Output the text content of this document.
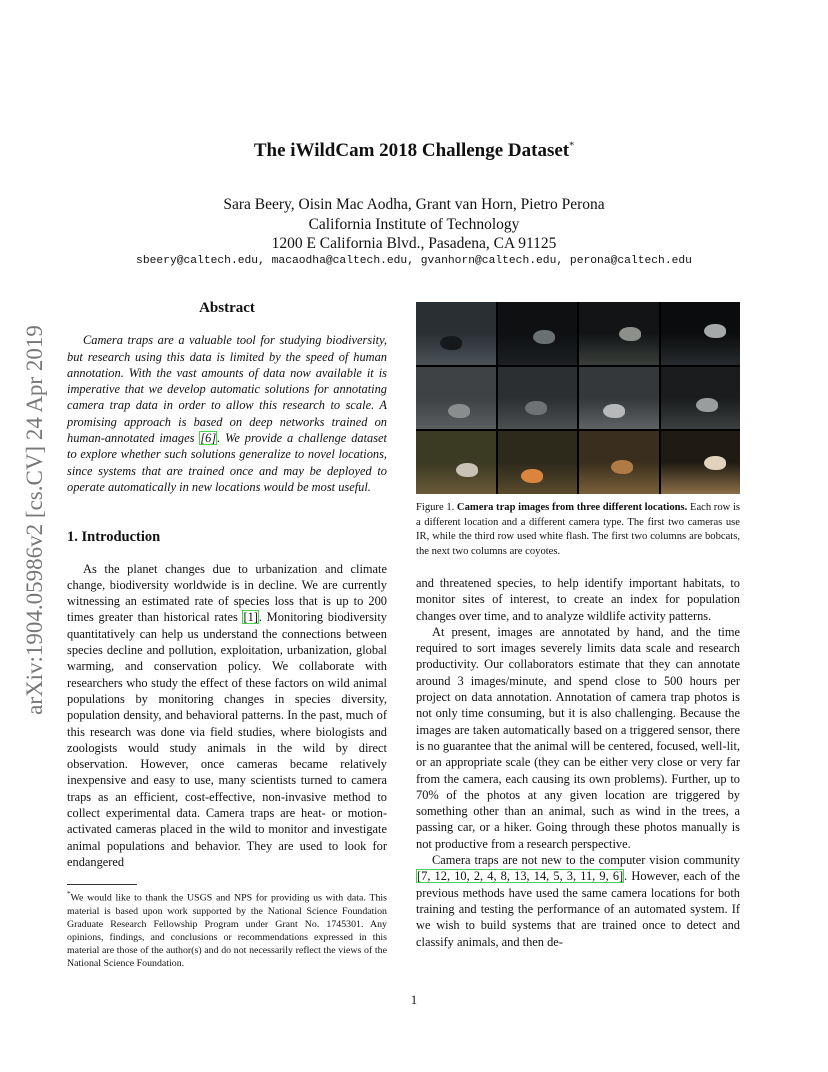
The iWildCam 2018 Challenge Dataset*
Sara Beery, Oisin Mac Aodha, Grant van Horn, Pietro Perona
California Institute of Technology
1200 E California Blvd., Pasadena, CA 91125
sbeery@caltech.edu, macaodha@caltech.edu, gvanhorn@caltech.edu, perona@caltech.edu
arXiv:1904.05986v2 [cs.CV] 24 Apr 2019
Abstract

Camera traps are a valuable tool for studying biodiversity, but research using this data is limited by the speed of human annotation. With the vast amounts of data now available it is imperative that we develop automatic solutions for annotating camera trap data in order to allow this research to scale. A promising approach is based on deep networks trained on human-annotated images [6]. We provide a challenge dataset to explore whether such solutions generalize to novel locations, since systems that are trained once and may be deployed to operate automatically in new locations would be most useful.

1. Introduction

As the planet changes due to urbanization and climate change, biodiversity worldwide is in decline. We are currently witnessing an estimated rate of species loss that is up to 200 times greater than historical rates [1]. Monitoring biodiversity quantitatively can help us understand the connections between species decline and pollution, exploitation, urbanization, global warming, and conservation policy. We collaborate with researchers who study the effect of these factors on wild animal populations by monitoring changes in species diversity, population density, and behavioral patterns. In the past, much of this research was done via field studies, where biologists and zoologists would study animals in the wild by direct observation. However, once cameras became relatively inexpensive and easy to use, many scientists turned to camera traps as an efficient, cost-effective, non-invasive method to collect experimental data. Camera traps are heat- or motion-activated cameras placed in the wild to monitor and investigate animal populations and behavior. They are used to look for endangered

*We would like to thank the USGS and NPS for providing us with data. This material is based upon work supported by the National Science Foundation Graduate Research Fellowship Program under Grant No. 1745301. Any opinions, findings, and conclusions or recommendations expressed in this material are those of the author(s) and do not necessarily reflect the views of the National Science Foundation.
Figure 1. Camera trap images from three different locations. Each row is a different location and a different camera type. The first two cameras use IR, while the third row used white flash. The first two columns are bobcats, the next two columns are coyotes.

and threatened species, to help identify important habitats, to monitor sites of interest, to create an index for population changes over time, and to analyze wildlife activity patterns.

At present, images are annotated by hand, and the time required to sort images severely limits data scale and research productivity. Our collaborators estimate that they can annotate around 3 images/minute, and spend close to 500 hours per project on data annotation. Annotation of camera trap photos is not only time consuming, but it is also challenging. Because the images are taken automatically based on a triggered sensor, there is no guarantee that the animal will be centered, focused, well-lit, or an appropriate scale (they can be either very close or very far from the camera, each causing its own problems). Further, up to 70% of the photos at any given location are triggered by something other than an animal, such as wind in the trees, a passing car, or a hiker. Going through these photos manually is not productive from a research perspective.

Camera traps are not new to the computer vision community [7, 12, 10, 2, 4, 8, 13, 14, 5, 3, 11, 9, 6]. However, each of the previous methods have used the same camera locations for both training and testing the performance of an automated system. If we wish to build systems that are trained once to detect and classify animals, and then de-

1
